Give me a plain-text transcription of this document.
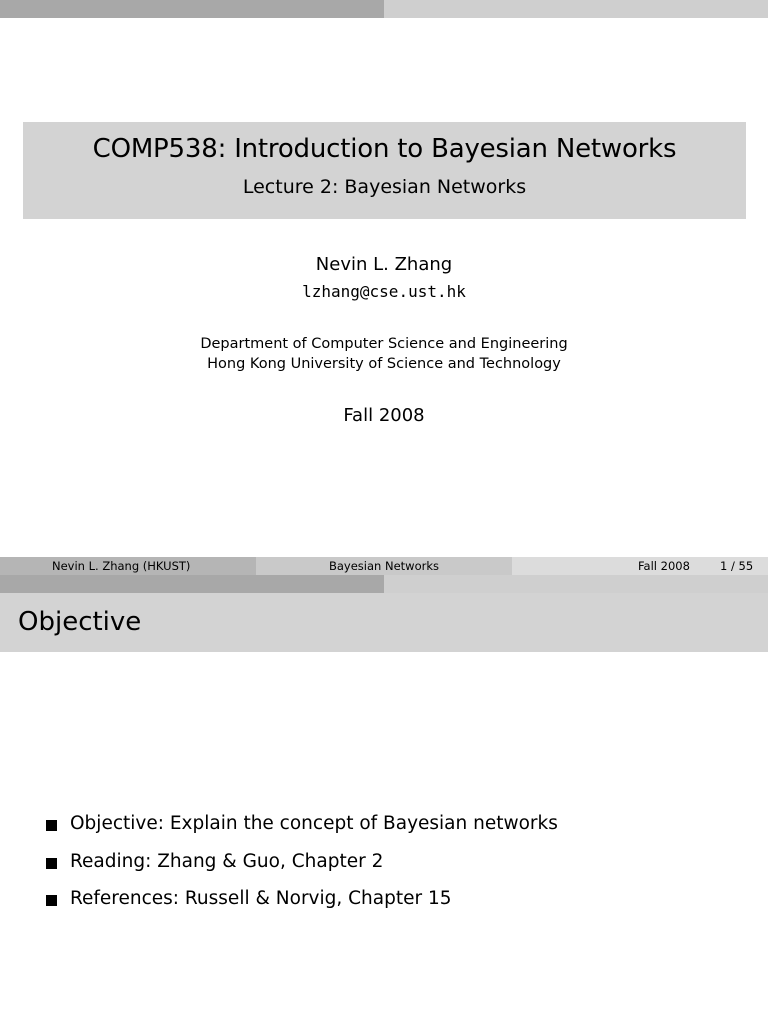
COMP538: Introduction to Bayesian Networks
Lecture 2: Bayesian Networks
Nevin L. Zhang
lzhang@cse.ust.hk
Department of Computer Science and Engineering
Hong Kong University of Science and Technology
Fall 2008
Nevin L. Zhang (HKUST)	Bayesian Networks	Fall 2008	1 / 55
Objective
Objective: Explain the concept of Bayesian networks
Reading: Zhang & Guo, Chapter 2
References: Russell & Norvig, Chapter 15
